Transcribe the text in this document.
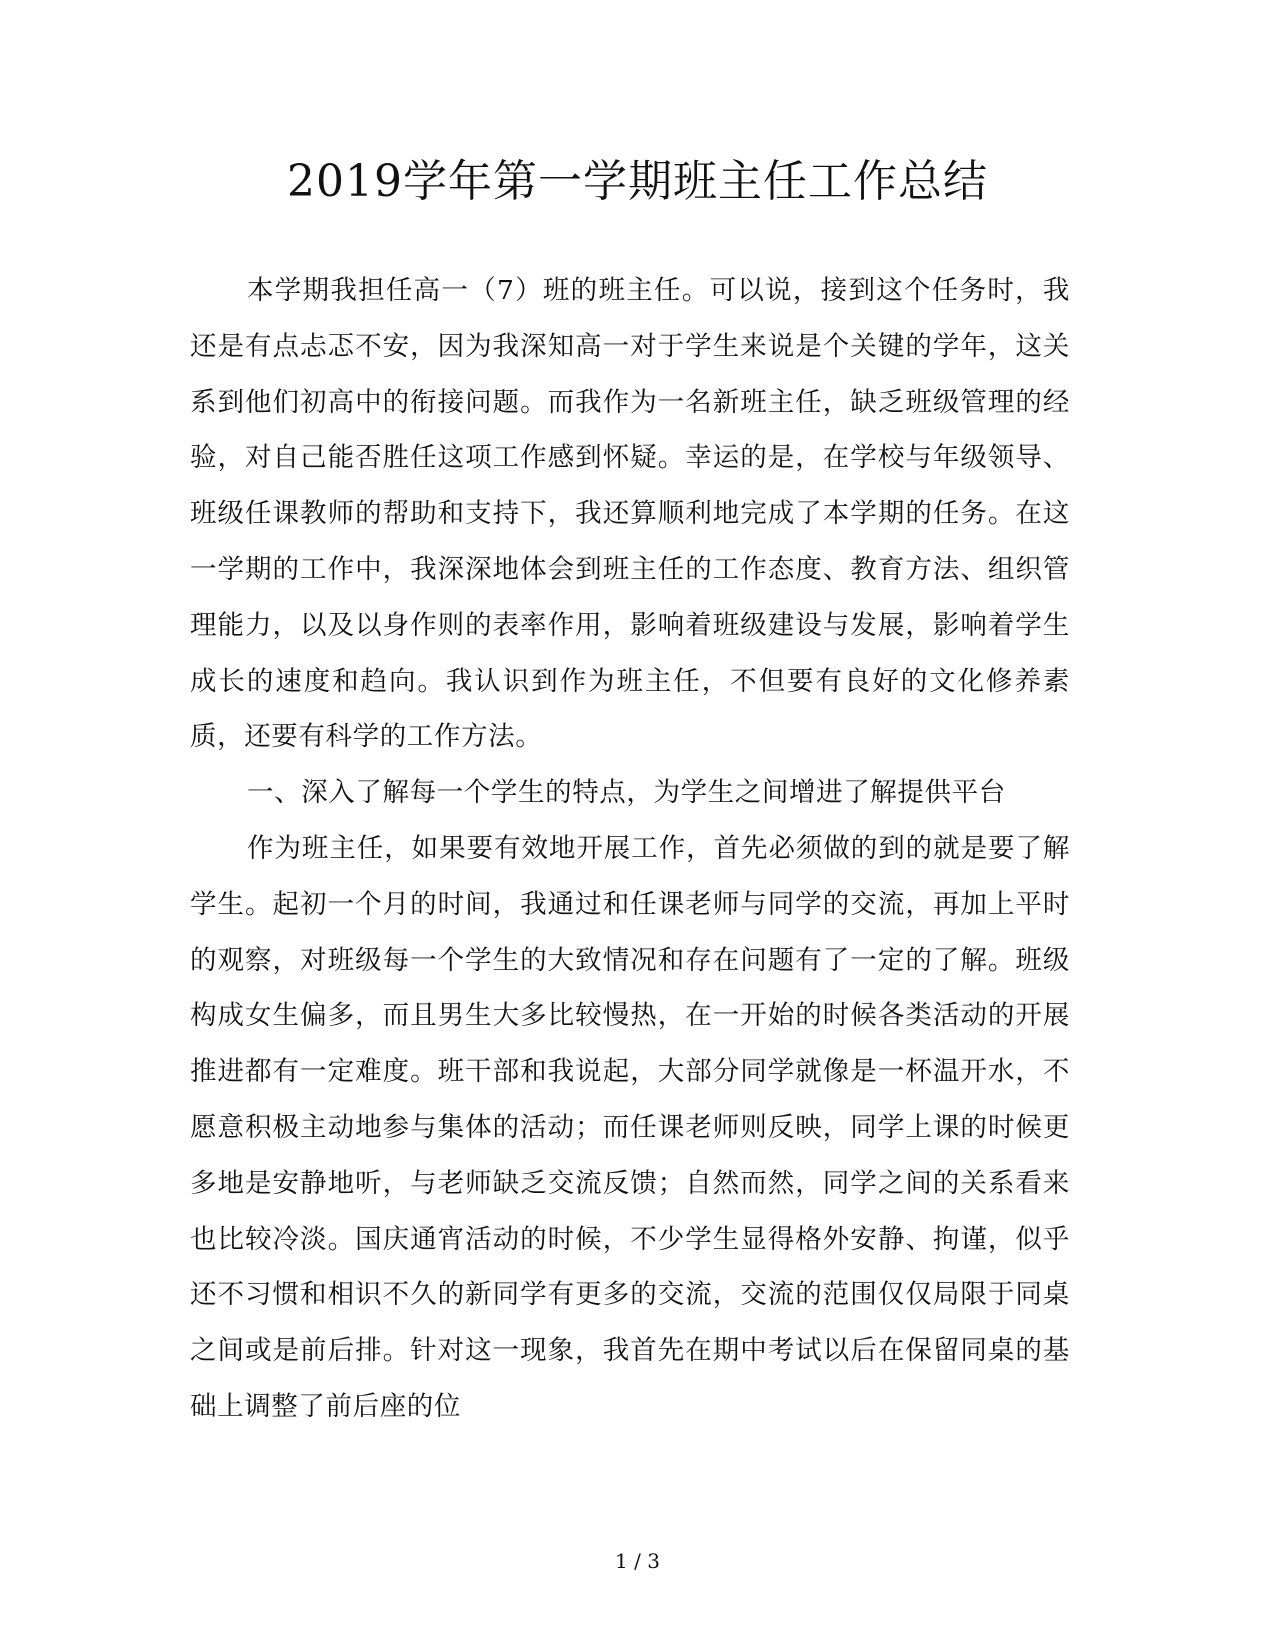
2019学年第一学期班主任工作总结

本学期我担任高一（7）班的班主任。可以说，接到这个任务时，我还是有点忐忑不安，因为我深知高一对于学生来说是个关键的学年，这关系到他们初高中的衔接问题。而我作为一名新班主任，缺乏班级管理的经验，对自己能否胜任这项工作感到怀疑。幸运的是，在学校与年级领导、班级任课教师的帮助和支持下，我还算顺利地完成了本学期的任务。在这一学期的工作中，我深深地体会到班主任的工作态度、教育方法、组织管理能力，以及以身作则的表率作用，影响着班级建设与发展，影响着学生成长的速度和趋向。我认识到作为班主任，不但要有良好的文化修养素质，还要有科学的工作方法。

一、深入了解每一个学生的特点，为学生之间增进了解提供平台

作为班主任，如果要有效地开展工作，首先必须做的到的就是要了解学生。起初一个月的时间，我通过和任课老师与同学的交流，再加上平时的观察，对班级每一个学生的大致情况和存在问题有了一定的了解。班级构成女生偏多，而且男生大多比较慢热，在一开始的时候各类活动的开展推进都有一定难度。班干部和我说起，大部分同学就像是一杯温开水，不愿意积极主动地参与集体的活动；而任课老师则反映，同学上课的时候更多地是安静地听，与老师缺乏交流反馈；自然而然，同学之间的关系看来也比较冷淡。国庆通宵活动的时候，不少学生显得格外安静、拘谨，似乎还不习惯和相识不久的新同学有更多的交流，交流的范围仅仅局限于同桌之间或是前后排。针对这一现象，我首先在期中考试以后在保留同桌的基础上调整了前后座的位

1 / 3
